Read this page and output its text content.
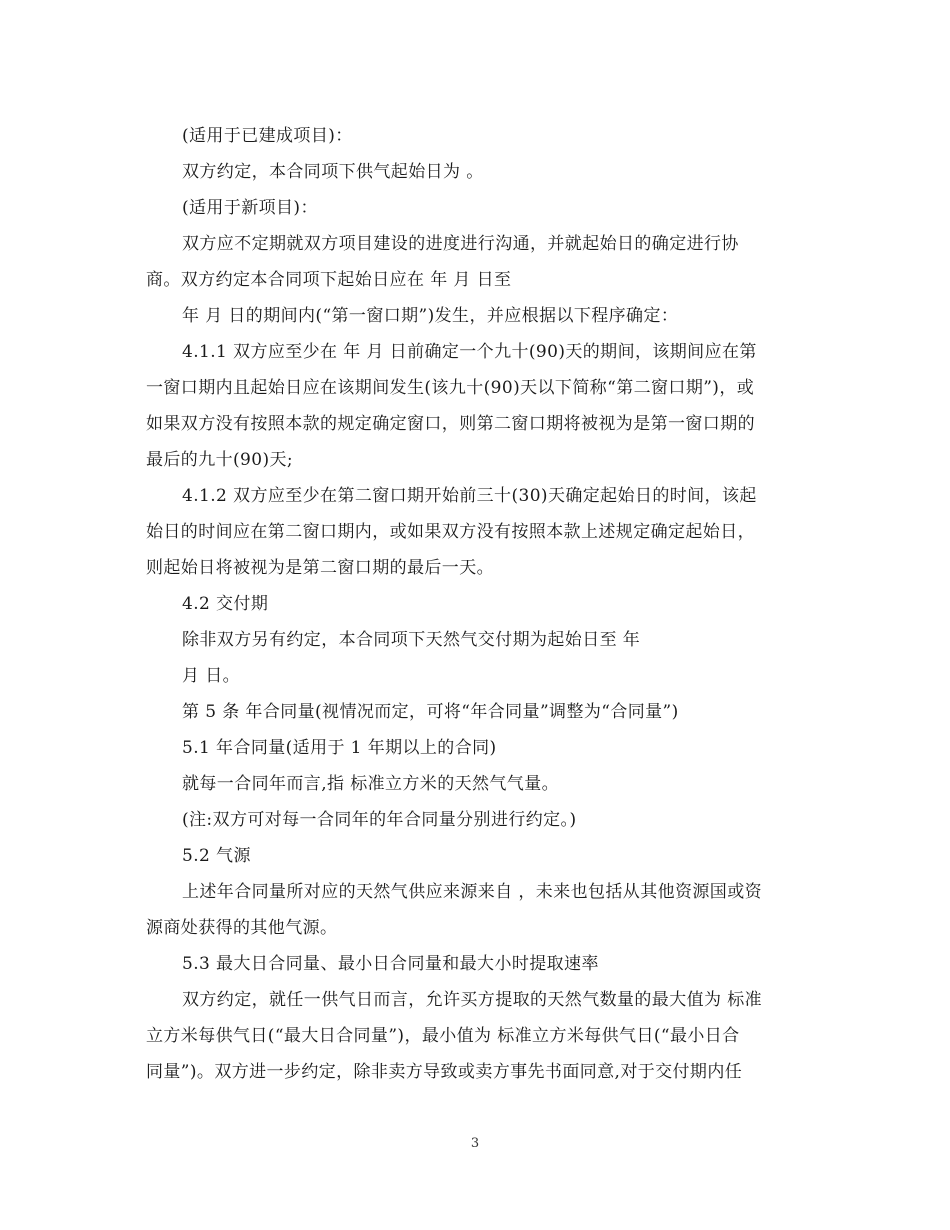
(适用于已建成项目)：
双方约定，本合同项下供气起始日为 。
(适用于新项目)：
双方应不定期就双方项目建设的进度进行沟通，并就起始日的确定进行协
商。双方约定本合同项下起始日应在 年 月 日至
年 月 日的期间内(“第一窗口期”)发生，并应根据以下程序确定：
4.1.1 双方应至少在 年 月 日前确定一个九十(90)天的期间，该期间应在第
一窗口期内且起始日应在该期间发生(该九十(90)天以下简称“第二窗口期”)，或
如果双方没有按照本款的规定确定窗口，则第二窗口期将被视为是第一窗口期的
最后的九十(90)天;
4.1.2 双方应至少在第二窗口期开始前三十(30)天确定起始日的时间，该起
始日的时间应在第二窗口期内，或如果双方没有按照本款上述规定确定起始日，
则起始日将被视为是第二窗口期的最后一天。
4.2 交付期
除非双方另有约定，本合同项下天然气交付期为起始日至 年
月 日。
第 5 条 年合同量(视情况而定，可将“年合同量”调整为“合同量”)
5.1 年合同量(适用于 1 年期以上的合同)
就每一合同年而言,指 标准立方米的天然气气量。
(注:双方可对每一合同年的年合同量分别进行约定。)
5.2 气源
上述年合同量所对应的天然气供应来源来自 ，未来也包括从其他资源国或资
源商处获得的其他气源。
5.3 最大日合同量、最小日合同量和最大小时提取速率
双方约定，就任一供气日而言，允许买方提取的天然气数量的最大值为 标准
立方米每供气日(“最大日合同量”)，最小值为 标准立方米每供气日(“最小日合
同量”)。双方进一步约定，除非卖方导致或卖方事先书面同意,对于交付期内任
3
